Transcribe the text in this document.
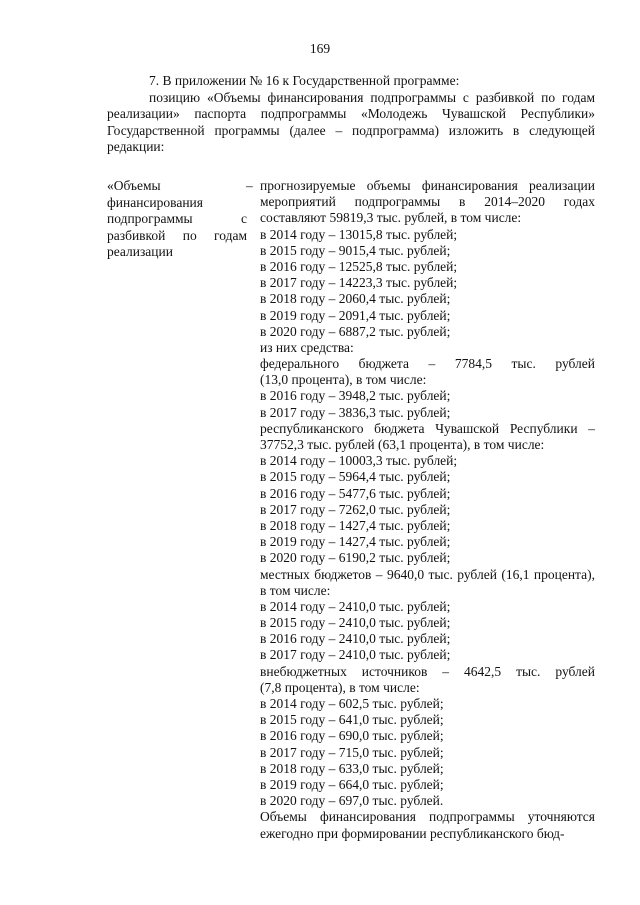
169
7. В приложении № 16 к Государственной программе:
позицию «Объемы финансирования подпрограммы с разбивкой по годам реализации» паспорта подпрограммы «Молодежь Чувашской Республики» Государственной программы (далее – подпрограмма) изложить в следующей редакции:
«Объемы финансирования подпрограммы с разбивкой по годам реализации
– прогнозируемые объемы финансирования реализации мероприятий подпрограммы в 2014–2020 годах составляют 59819,3 тыс. рублей, в том числе:
в 2014 году – 13015,8 тыс. рублей;
в 2015 году – 9015,4 тыс. рублей;
в 2016 году – 12525,8 тыс. рублей;
в 2017 году – 14223,3 тыс. рублей;
в 2018 году – 2060,4 тыс. рублей;
в 2019 году – 2091,4 тыс. рублей;
в 2020 году – 6887,2 тыс. рублей;
из них средства:
федерального бюджета – 7784,5 тыс. рублей
(13,0 процента), в том числе:
в 2016 году – 3948,2 тыс. рублей;
в 2017 году – 3836,3 тыс. рублей;
республиканского бюджета Чувашской Республики – 37752,3 тыс. рублей (63,1 процента), в том числе:
в 2014 году – 10003,3 тыс. рублей;
в 2015 году – 5964,4 тыс. рублей;
в 2016 году – 5477,6 тыс. рублей;
в 2017 году – 7262,0 тыс. рублей;
в 2018 году – 1427,4 тыс. рублей;
в 2019 году – 1427,4 тыс. рублей;
в 2020 году – 6190,2 тыс. рублей;
местных бюджетов – 9640,0 тыс. рублей (16,1 процента), в том числе:
в 2014 году – 2410,0 тыс. рублей;
в 2015 году – 2410,0 тыс. рублей;
в 2016 году – 2410,0 тыс. рублей;
в 2017 году – 2410,0 тыс. рублей;
внебюджетных источников – 4642,5 тыс. рублей
(7,8 процента), в том числе:
в 2014 году – 602,5 тыс. рублей;
в 2015 году – 641,0 тыс. рублей;
в 2016 году – 690,0 тыс. рублей;
в 2017 году – 715,0 тыс. рублей;
в 2018 году – 633,0 тыс. рублей;
в 2019 году – 664,0 тыс. рублей;
в 2020 году – 697,0 тыс. рублей.
Объемы финансирования подпрограммы уточняются ежегодно при формировании республиканского бюд-
